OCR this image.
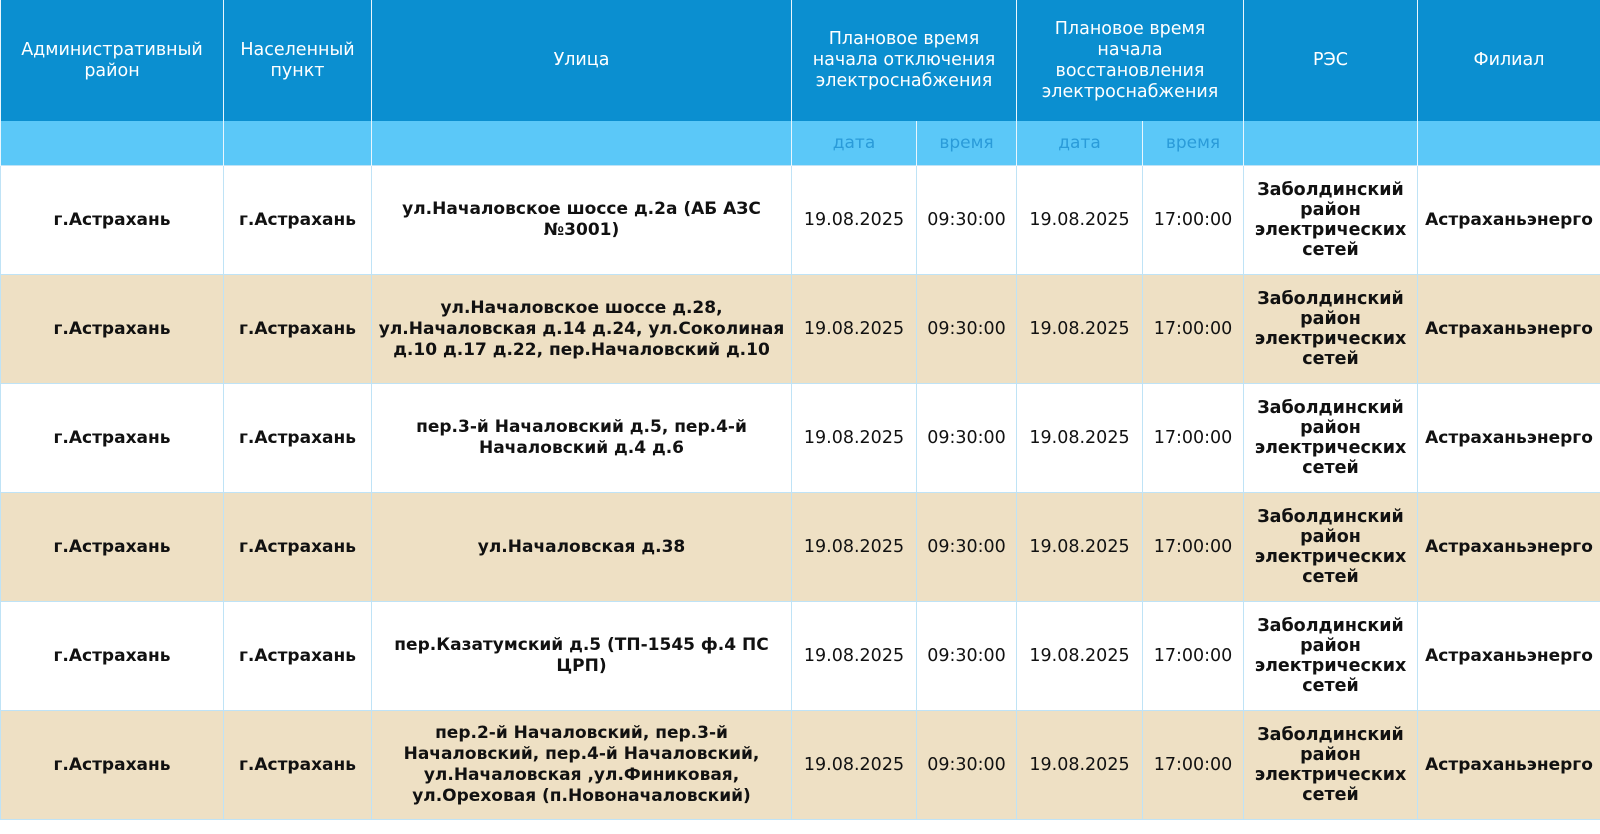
Административный район	Населенный пункт	Улица	Плановое время начала отключения электроснабжения		Плановое время начала восстановления электроснабжения		РЭС	Филиал
			дата	время	дата	время		
г.Астрахань	г.Астрахань	ул.Началовское шоссе д.2а (АБ АЗС №3001)	19.08.2025	09:30:00	19.08.2025	17:00:00	Заболдинский район электрических сетей	Астраханьэнерго
г.Астрахань	г.Астрахань	ул.Началовское шоссе д.28, ул.Началовская д.14 д.24, ул.Соколиная д.10 д.17 д.22, пер.Началовский д.10	19.08.2025	09:30:00	19.08.2025	17:00:00	Заболдинский район электрических сетей	Астраханьэнерго
г.Астрахань	г.Астрахань	пер.3-й Началовский д.5, пер.4-й Началовский д.4 д.6	19.08.2025	09:30:00	19.08.2025	17:00:00	Заболдинский район электрических сетей	Астраханьэнерго
г.Астрахань	г.Астрахань	ул.Началовская д.38	19.08.2025	09:30:00	19.08.2025	17:00:00	Заболдинский район электрических сетей	Астраханьэнерго
г.Астрахань	г.Астрахань	пер.Казатумский д.5 (ТП-1545 ф.4 ПС ЦРП)	19.08.2025	09:30:00	19.08.2025	17:00:00	Заболдинский район электрических сетей	Астраханьэнерго
г.Астрахань	г.Астрахань	пер.2-й Началовский, пер.3-й Началовский, пер.4-й Началовский, ул.Началовская ,ул.Финиковая, ул.Ореховая (п.Новоначаловский)	19.08.2025	09:30:00	19.08.2025	17:00:00	Заболдинский район электрических сетей	Астраханьэнерго
